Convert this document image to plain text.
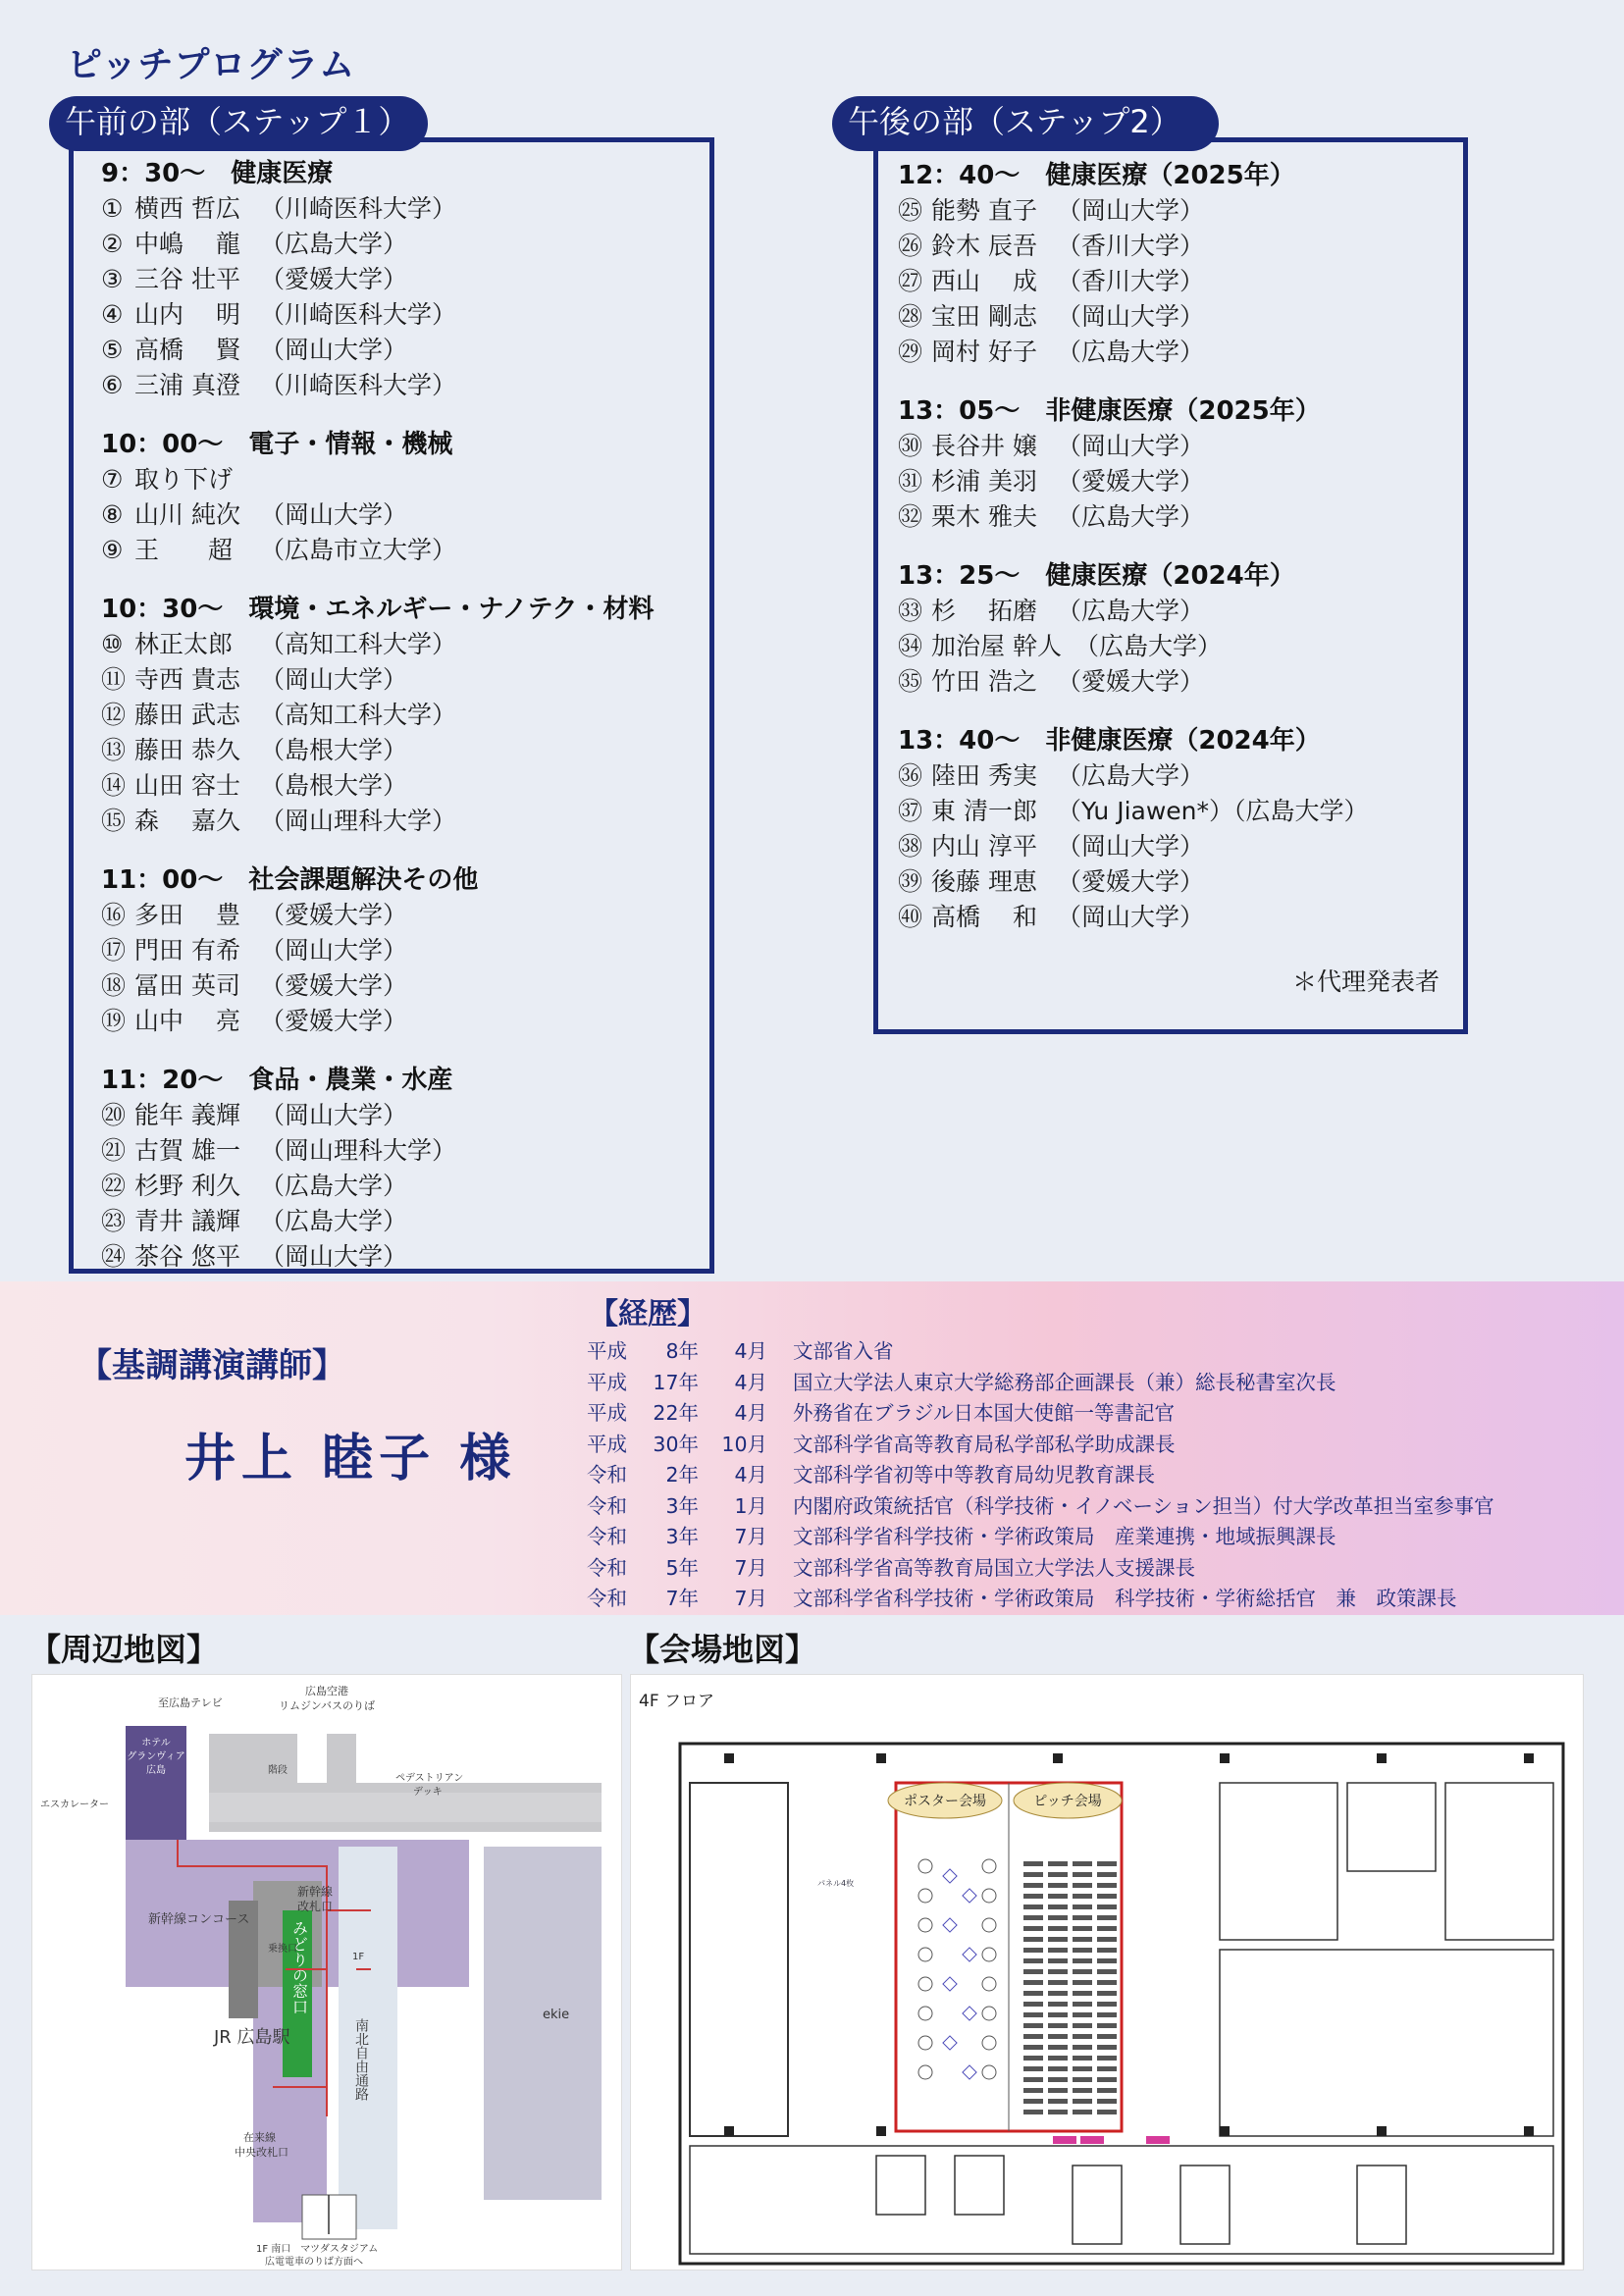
ピッチプログラム
9：30～　健康医療
① 横西 哲広 （川崎医科大学）
② 中嶋　 龍 （広島大学）
③ 三谷 壮平 （愛媛大学）
④ 山内　 明 （川崎医科大学）
⑤ 高橋　 賢 （岡山大学）
⑥ 三浦 真澄 （川崎医科大学）
10：00～　電子・情報・機械
⑦ 取り下げ
⑧ 山川 純次 （岡山大学）
⑨ 王　　超	（広島市立大学）
10：30～　環境・エネルギー・ナノテク・材料
⑩ 林正太郎	（高知工科大学）
⑪ 寺西 貴志 （岡山大学）
⑫ 藤田 武志 （高知工科大学）
⑬ 藤田 恭久 （島根大学）
⑭ 山田 容士 （島根大学）
⑮ 森　 嘉久 （岡山理科大学）
11：00～　社会課題解決その他
⑯ 多田　 豊 （愛媛大学）
⑰ 門田 有希 （岡山大学）
⑱ 冨田 英司 （愛媛大学）
⑲ 山中　 亮 （愛媛大学）
11：20～　食品・農業・水産
⑳ 能年 義輝 （岡山大学）
㉑ 古賀 雄一 （岡山理科大学）
㉒ 杉野 利久 （広島大学）
㉓ 青井 議輝 （広島大学）
㉔ 茶谷 悠平 （岡山大学）
午前の部（ステップ１）
12：40～　健康医療（2025年）
㉕ 能勢 直子 （岡山大学）
㉖ 鈴木 辰吾 （香川大学）
㉗ 西山　 成 （香川大学）
㉘ 宝田 剛志 （岡山大学）
㉙ 岡村 好子 （広島大学）
13：05～　非健康医療（2025年）
㉚ 長谷井 嬢 （岡山大学）
㉛ 杉浦 美羽 （愛媛大学）
㉜ 栗木 雅夫 （広島大学）
13：25～　健康医療（2024年）
㉝ 杉　 拓磨 （広島大学）
㉞ 加治屋 幹人 （広島大学）
㉟ 竹田 浩之 （愛媛大学）
13：40～　非健康医療（2024年）
㊱ 陸田 秀実 （広島大学）
㊲ 東 清一郎 （Yu Jiawen*）（広島大学）
㊳ 内山 淳平 （岡山大学）
㊴ 後藤 理恵 （愛媛大学）
㊵ 高橋　 和 （岡山大学）
＊代理発表者
午後の部（ステップ2）
【基調講演講師】
井上 睦子 様
【経歴】
平成	8年	4月 文部省入省
平成	17年	4月 国立大学法人東京大学総務部企画課長（兼）総長秘書室次長
平成	22年	4月 外務省在ブラジル日本国大使館一等書記官
平成	30年	10月 文部科学省高等教育局私学部私学助成課長
令和	2年	4月 文部科学省初等中等教育局幼児教育課長
令和	3年	1月 内閣府政策統括官（科学技術・イノベーション担当）付大学改革担当室参事官
令和	3年	7月 文部科学省科学技術・学術政策局　産業連携・地域振興課長
令和	5年	7月 文部科学省高等教育局国立大学法人支援課長
令和	7年	7月 文部科学省科学技術・学術政策局　科学技術・学術総括官　兼　政策課長
【周辺地図】	【会場地図】
至広島テレビ
広島空港
リムジンバスのりば
ホテル
グランヴィア
広島	階段
エスカレーター
ペデストリアン
デッキ
新幹線
改札口
新幹線コンコース
乗換口
JR 広島駅
みどりの窓口	1F
南北自由通路
ekie
在来線
中央改札口
1F 南口　マツダスタジアム
広電電車のりば方面へ
4F フロア
ポスター会場	ピッチ会場
パネル4枚
